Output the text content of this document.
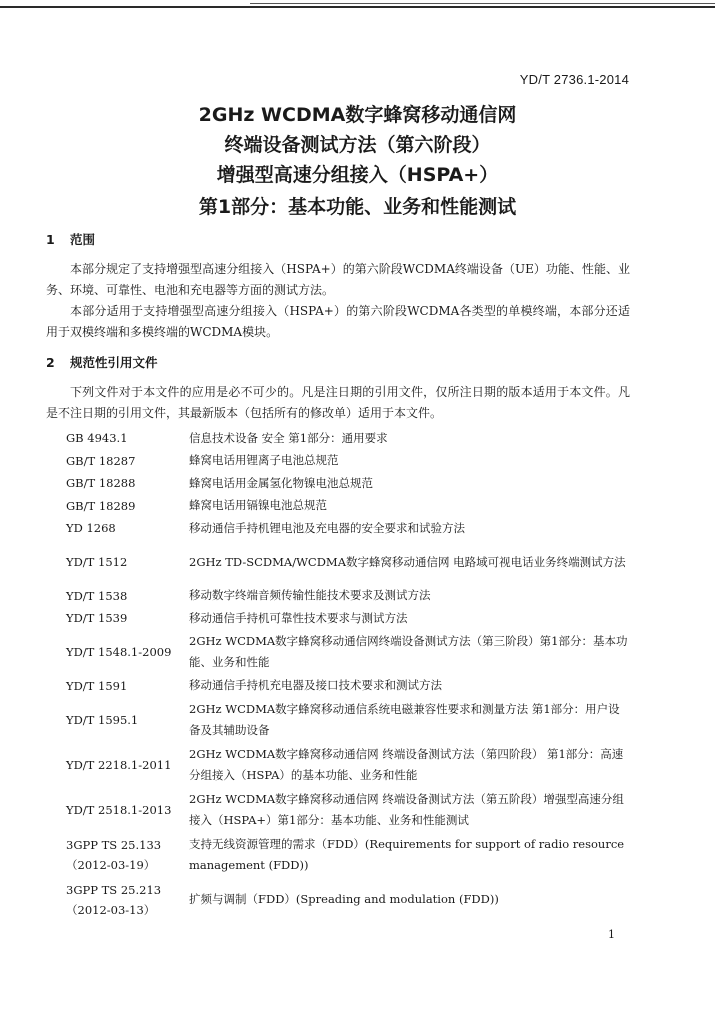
YD/T 2736.1-2014
2GHz WCDMA数字蜂窝移动通信网
终端设备测试方法（第六阶段）
增强型高速分组接入（HSPA+）
第1部分：基本功能、业务和性能测试
1 范围
本部分规定了支持增强型高速分组接入（HSPA+）的第六阶段WCDMA终端设备（UE）功能、性能、业务、环境、可靠性、电池和充电器等方面的测试方法。
本部分适用于支持增强型高速分组接入（HSPA+）的第六阶段WCDMA各类型的单模终端，本部分还适用于双模终端和多模终端的WCDMA模块。
2 规范性引用文件
下列文件对于本文件的应用是必不可少的。凡是注日期的引用文件，仅所注日期的版本适用于本文件。凡是不注日期的引用文件，其最新版本（包括所有的修改单）适用于本文件。
GB 4943.1	信息技术设备 安全 第1部分：通用要求
GB/T 18287	蜂窝电话用锂离子电池总规范
GB/T 18288	蜂窝电话用金属氢化物镍电池总规范
GB/T 18289	蜂窝电话用镉镍电池总规范
YD 1268	移动通信手持机锂电池及充电器的安全要求和试验方法
YD/T 1512	2GHz TD-SCDMA/WCDMA数字蜂窝移动通信网 电路域可视电话业务终端测试方法
YD/T 1538	移动数字终端音频传输性能技术要求及测试方法
YD/T 1539	移动通信手持机可靠性技术要求与测试方法
YD/T 1548.1-2009	2GHz WCDMA数字蜂窝移动通信网终端设备测试方法（第三阶段）第1部分：基本功能、业务和性能
YD/T 1591	移动通信手持机充电器及接口技术要求和测试方法
YD/T 1595.1	2GHz WCDMA数字蜂窝移动通信系统电磁兼容性要求和测量方法 第1部分：用户设备及其辅助设备
YD/T 2218.1-2011	2GHz WCDMA数字蜂窝移动通信网 终端设备测试方法（第四阶段） 第1部分：高速分组接入（HSPA）的基本功能、业务和性能
YD/T 2518.1-2013	2GHz WCDMA数字蜂窝移动通信网 终端设备测试方法（第五阶段）增强型高速分组接入（HSPA+）第1部分：基本功能、业务和性能测试
3GPP TS 25.133 （2012-03-19）	支持无线资源管理的需求（FDD）(Requirements for support of radio resource management (FDD))
3GPP TS 25.213 （2012-03-13）	扩频与调制（FDD）(Spreading and modulation (FDD))
1
